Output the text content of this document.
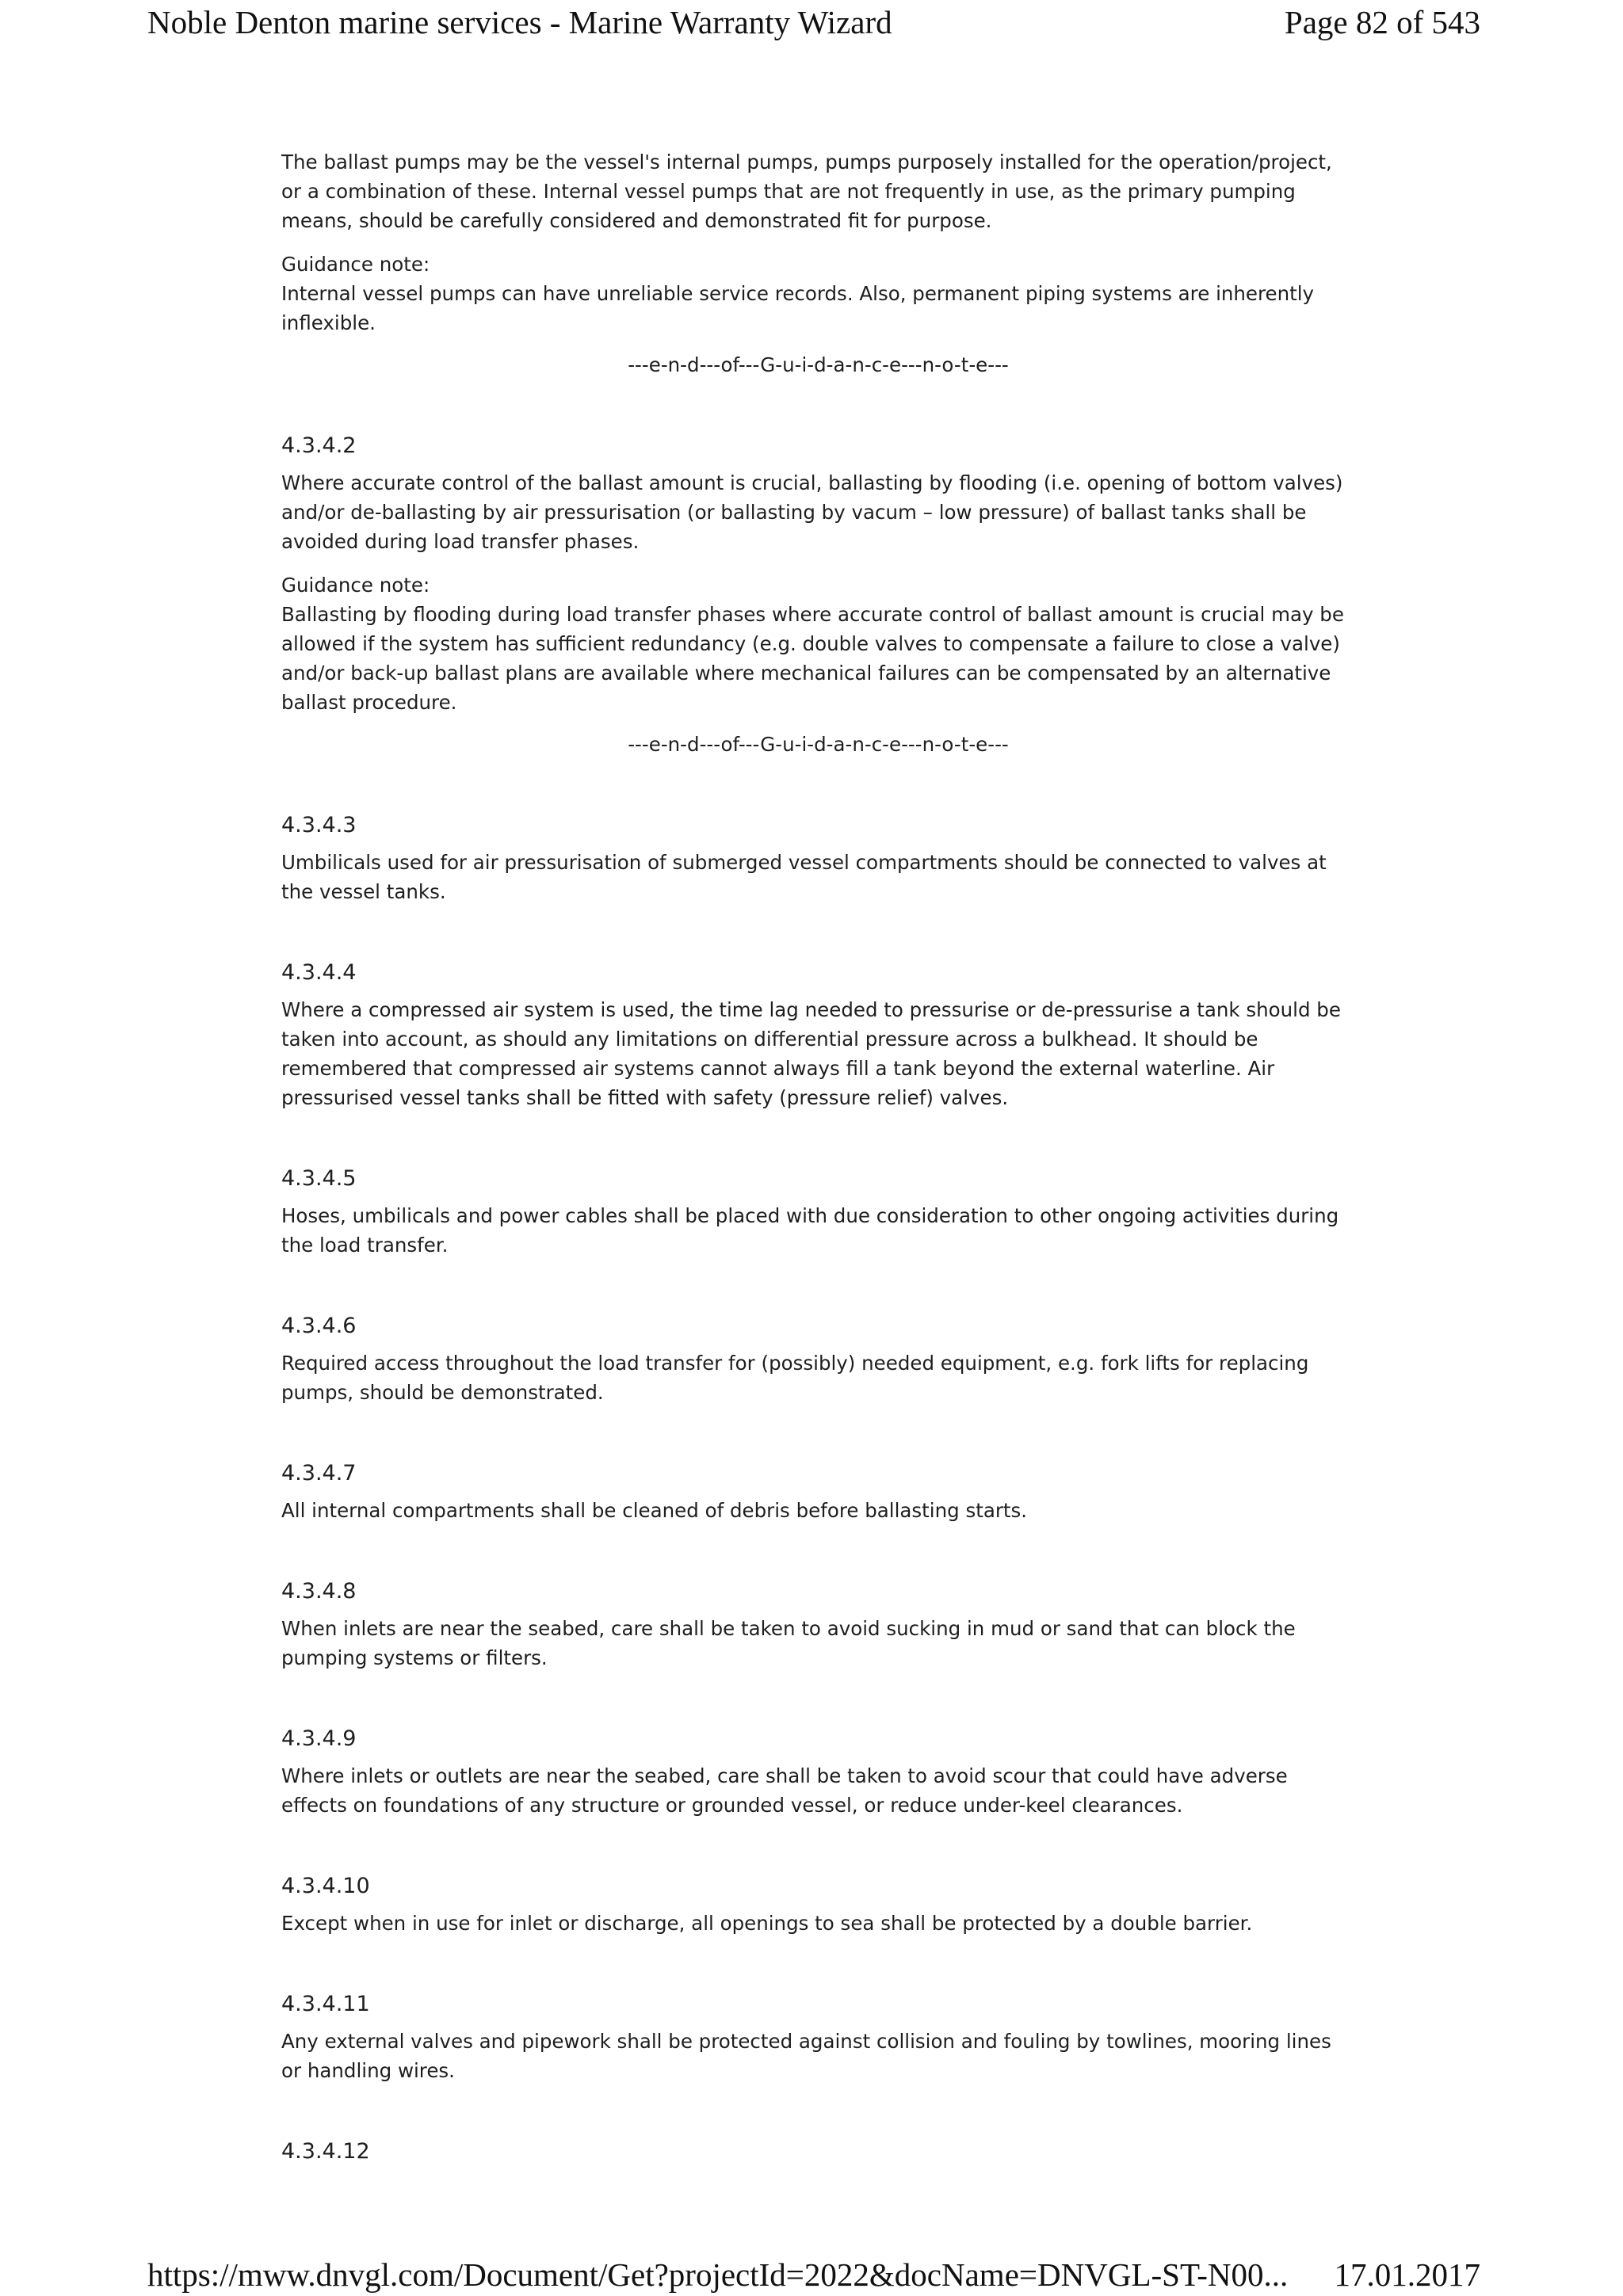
Noble Denton marine services - Marine Warranty Wizard	Page 82 of 543

The ballast pumps may be the vessel's internal pumps, pumps purposely installed for the operation/project, or a combination of these. Internal vessel pumps that are not frequently in use, as the primary pumping means, should be carefully considered and demonstrated fit for purpose.

Guidance note:

Internal vessel pumps can have unreliable service records. Also, permanent piping systems are inherently inflexible.

---e-n-d---of---G-u-i-d-a-n-c-e---n-o-t-e---

4.3.4.2

Where accurate control of the ballast amount is crucial, ballasting by flooding (i.e. opening of bottom valves) and/or de-ballasting by air pressurisation (or ballasting by vacum – low pressure) of ballast tanks shall be avoided during load transfer phases.

Guidance note:

Ballasting by flooding during load transfer phases where accurate control of ballast amount is crucial may be allowed if the system has sufficient redundancy (e.g. double valves to compensate a failure to close a valve) and/or back-up ballast plans are available where mechanical failures can be compensated by an alternative ballast procedure.

---e-n-d---of---G-u-i-d-a-n-c-e---n-o-t-e---

4.3.4.3

Umbilicals used for air pressurisation of submerged vessel compartments should be connected to valves at the vessel tanks.

4.3.4.4

Where a compressed air system is used, the time lag needed to pressurise or de-pressurise a tank should be taken into account, as should any limitations on differential pressure across a bulkhead. It should be remembered that compressed air systems cannot always fill a tank beyond the external waterline. Air pressurised vessel tanks shall be fitted with safety (pressure relief) valves.

4.3.4.5

Hoses, umbilicals and power cables shall be placed with due consideration to other ongoing activities during the load transfer.

4.3.4.6

Required access throughout the load transfer for (possibly) needed equipment, e.g. fork lifts for replacing pumps, should be demonstrated.

4.3.4.7

All internal compartments shall be cleaned of debris before ballasting starts.

4.3.4.8

When inlets are near the seabed, care shall be taken to avoid sucking in mud or sand that can block the pumping systems or filters.

4.3.4.9

Where inlets or outlets are near the seabed, care shall be taken to avoid scour that could have adverse effects on foundations of any structure or grounded vessel, or reduce under-keel clearances.

4.3.4.10

Except when in use for inlet or discharge, all openings to sea shall be protected by a double barrier.

4.3.4.11

Any external valves and pipework shall be protected against collision and fouling by towlines, mooring lines or handling wires.

4.3.4.12

https://mww.dnvgl.com/Document/Get?projectId=2022&docName=DNVGL-ST-N00... 17.01.2017
